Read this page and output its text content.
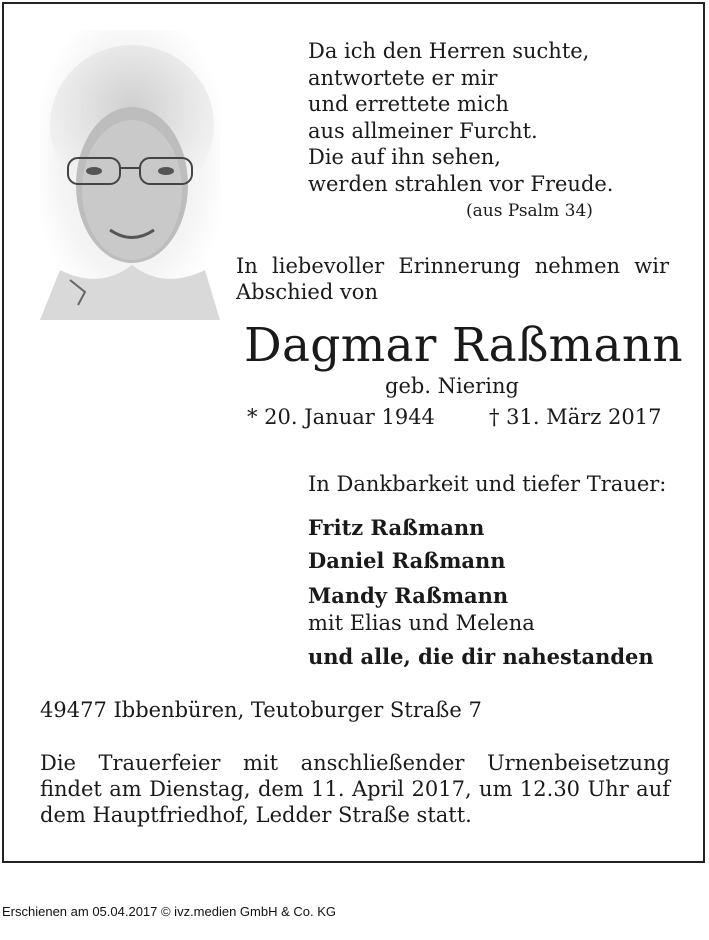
Da ich den Herren suchte,
antwortete er mir
und errettete mich
aus allmeiner Furcht.
Die auf ihn sehen,
werden strahlen vor Freude.
(aus Psalm 34)
In liebevoller Erinnerung nehmen wir Abschied von
Dagmar Raßmann
geb. Niering
* 20. Januar 1944	† 31. März 2017
In Dankbarkeit und tiefer Trauer:
Fritz Raßmann
Daniel Raßmann
Mandy Raßmann
mit Elias und Melena
und alle, die dir nahestanden
49477 Ibbenbüren, Teutoburger Straße 7
Die Trauerfeier mit anschließender Urnenbeisetzung findet am Dienstag, dem 11. April 2017, um 12.30 Uhr auf dem Hauptfriedhof, Ledder Straße statt.
Erschienen am 05.04.2017 © ivz.medien GmbH & Co. KG
